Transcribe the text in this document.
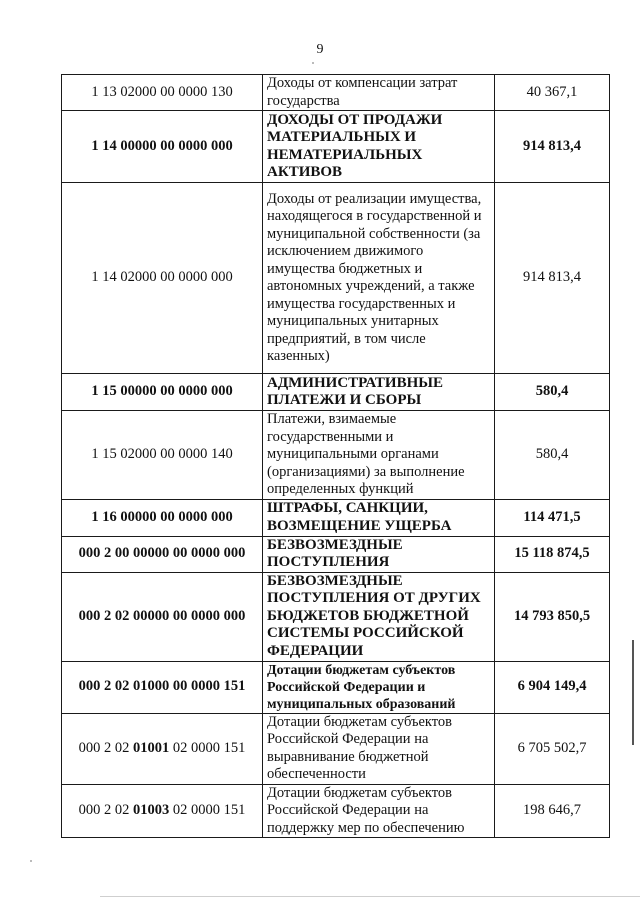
9
1 13 02000 00 0000 130	Доходы от компенсации затрат государства	40 367,1
1 14 00000 00 0000 000	ДОХОДЫ ОТ ПРОДАЖИ МАТЕРИАЛЬНЫХ И НЕМАТЕРИАЛЬНЫХ АКТИВОВ	914 813,4
1 14 02000 00 0000 000	Доходы от реализации имущества, находящегося в государственной и муниципальной собственности (за исключением движимого имущества бюджетных и автономных учреждений, а также имущества государственных и муниципальных унитарных предприятий, в том числе казенных)	914 813,4
1 15 00000 00 0000 000	АДМИНИСТРАТИВНЫЕ ПЛАТЕЖИ И СБОРЫ	580,4
1 15 02000 00 0000 140	Платежи, взимаемые государственными и муниципальными органами (организациями) за выполнение определенных функций	580,4
1 16 00000 00 0000 000	ШТРАФЫ, САНКЦИИ, ВОЗМЕЩЕНИЕ УЩЕРБА	114 471,5
000 2 00 00000 00 0000 000	БЕЗВОЗМЕЗДНЫЕ ПОСТУПЛЕНИЯ	15 118 874,5
000 2 02 00000 00 0000 000	БЕЗВОЗМЕЗДНЫЕ ПОСТУПЛЕНИЯ ОТ ДРУГИХ БЮДЖЕТОВ БЮДЖЕТНОЙ СИСТЕМЫ РОССИЙСКОЙ ФЕДЕРАЦИИ	14 793 850,5
000 2 02 01000 00 0000 151	Дотации бюджетам субъектов Российской Федерации и муниципальных образований	6 904 149,4
000 2 02 01001 02 0000 151	Дотации бюджетам субъектов Российской Федерации на выравнивание бюджетной обеспеченности	6 705 502,7
000 2 02 01003 02 0000 151	Дотации бюджетам субъектов Российской Федерации на поддержку мер по обеспечению	198 646,7
